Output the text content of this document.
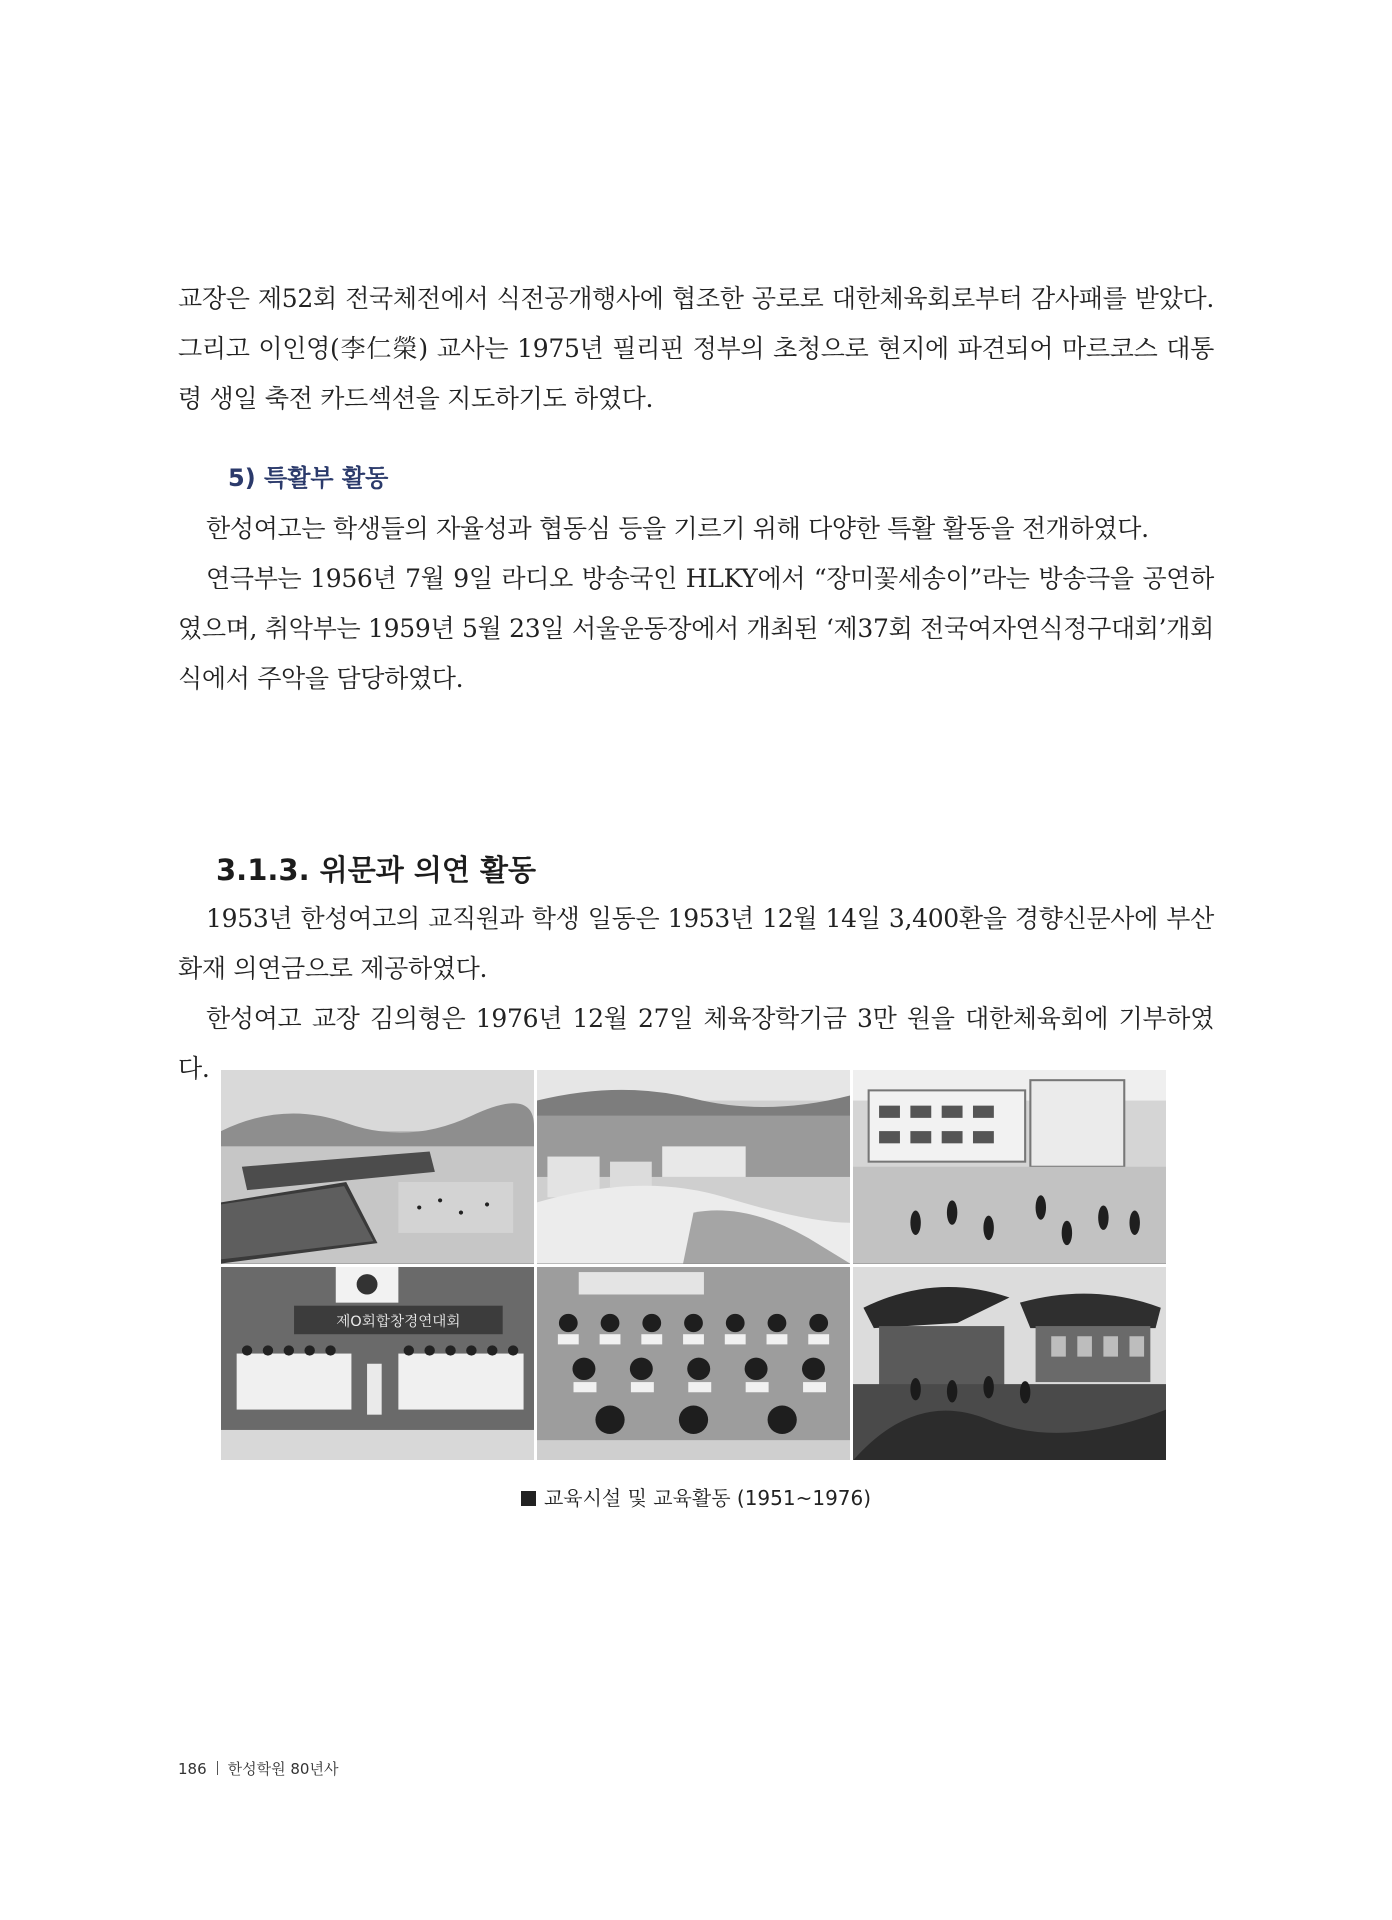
교장은 제52회 전국체전에서 식전공개행사에 협조한 공로로 대한체육회로부터 감사패를 받았다. 그리고 이인영(李仁榮) 교사는 1975년 필리핀 정부의 초청으로 현지에 파견되어 마르코스 대통령 생일 축전 카드섹션을 지도하기도 하였다.

5) 특활부 활동

한성여고는 학생들의 자율성과 협동심 등을 기르기 위해 다양한 특활 활동을 전개하였다.

연극부는 1956년 7월 9일 라디오 방송국인 HLKY에서 “장미꽃세송이”라는 방송극을 공연하였으며, 취악부는 1959년 5월 23일 서울운동장에서 개최된 ‘제37회 전국여자연식정구대회’개회식에서 주악을 담당하였다.

3.1.3. 위문과 의연 활동

1953년 한성여고의 교직원과 학생 일동은 1953년 12월 14일 3,400환을 경향신문사에 부산 화재 의연금으로 제공하였다.

한성여고 교장 김의형은 1976년 12월 27일 체육장학기금 3만 원을 대한체육회에 기부하였다.

제O회합창경연대회
교육시설 및 교육활동 (1951~1976)
186 한성학원 80년사
